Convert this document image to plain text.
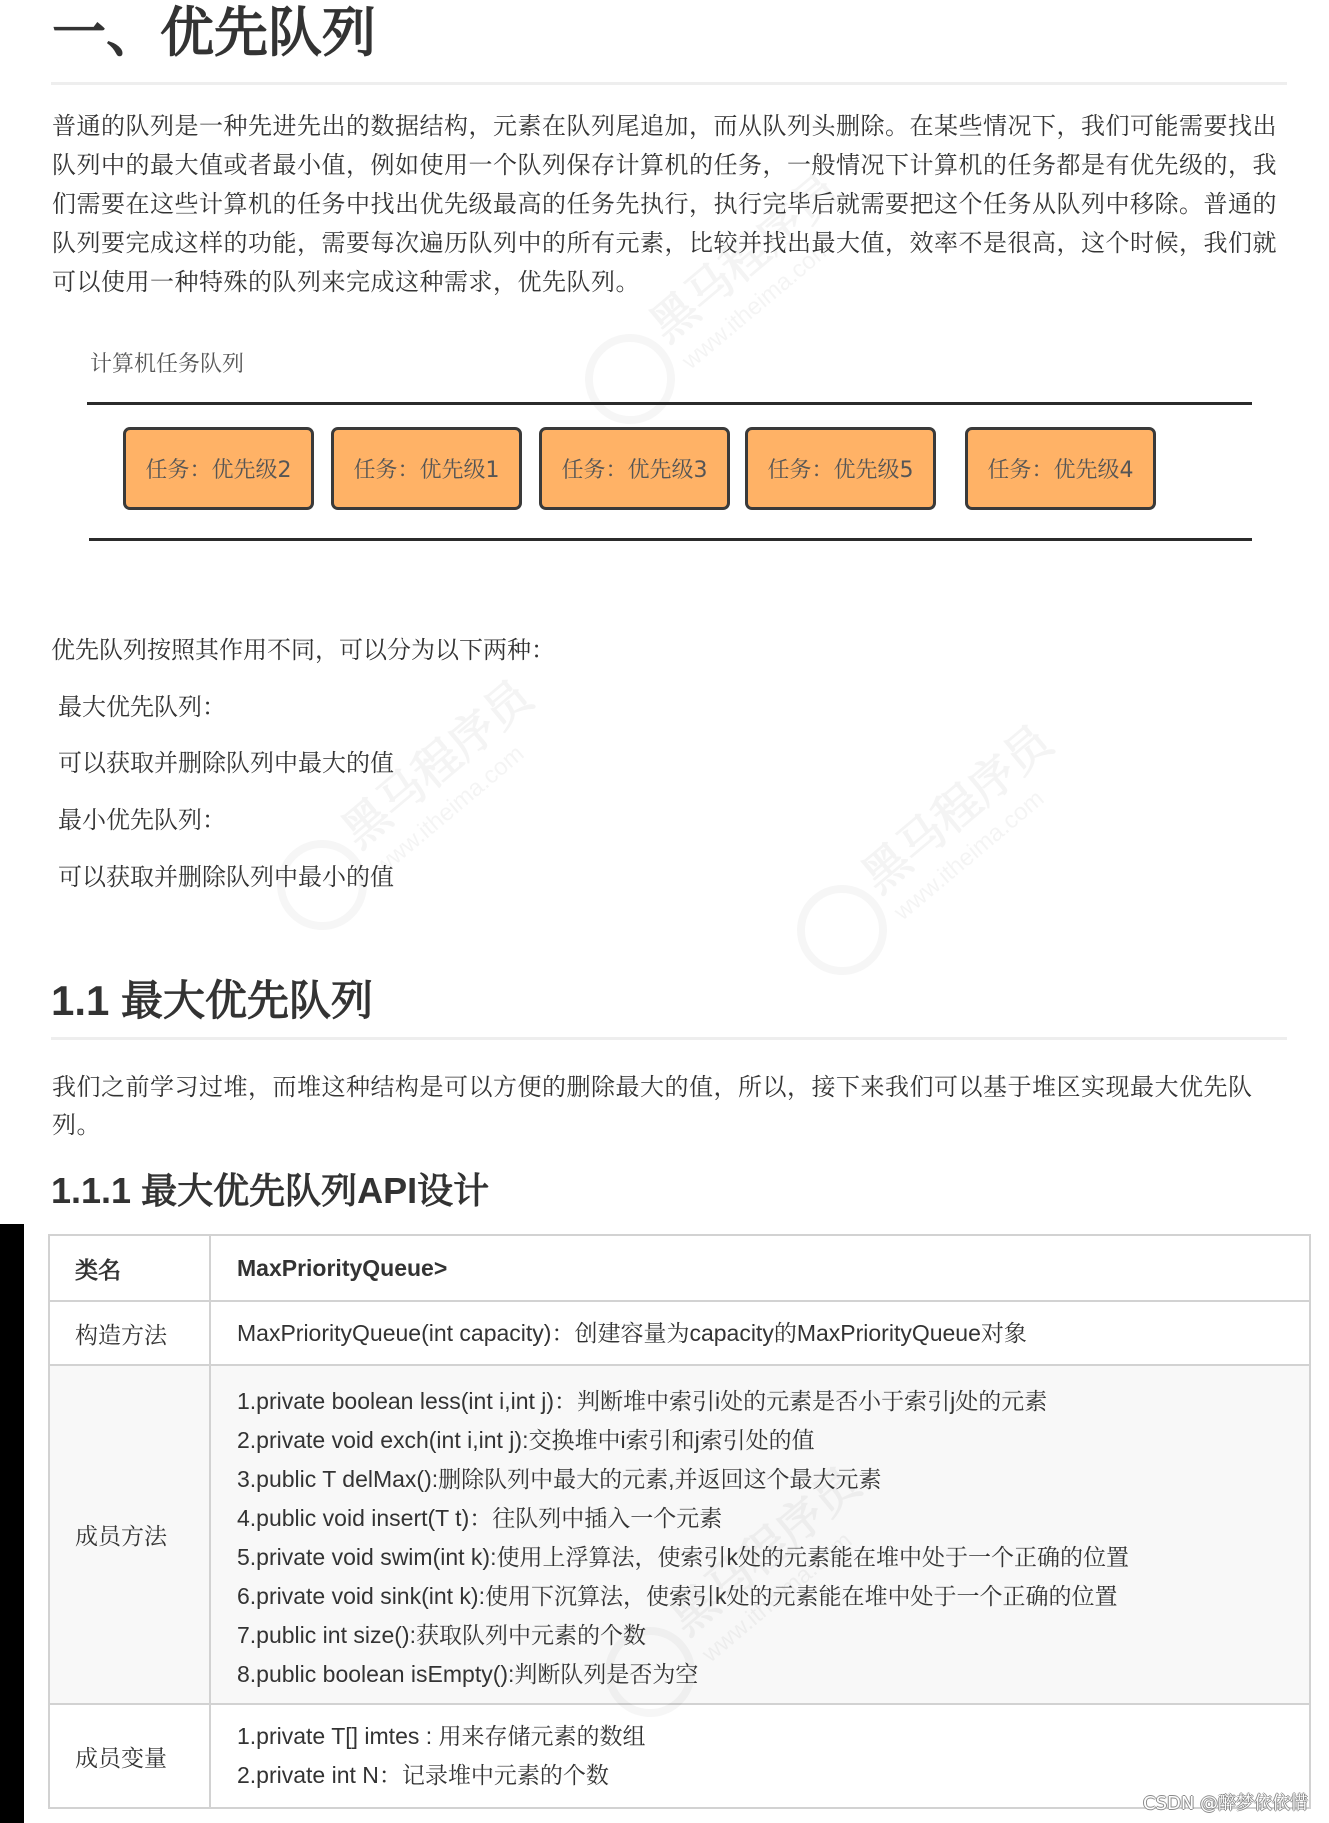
一、优先队列
普通的队列是一种先进先出的数据结构，元素在队列尾追加，而从队列头删除。在某些情况下，我们可能需要找出
队列中的最大值或者最小值，例如使用一个队列保存计算机的任务，一般情况下计算机的任务都是有优先级的，我
们需要在这些计算机的任务中找出优先级最高的任务先执行，执行完毕后就需要把这个任务从队列中移除。普通的
队列要完成这样的功能，需要每次遍历队列中的所有元素，比较并找出最大值，效率不是很高，这个时候，我们就
可以使用一种特殊的队列来完成这种需求，优先队列。
计算机任务队列
任务：优先级2	任务：优先级1	任务：优先级3	任务：优先级5	任务：优先级4
优先队列按照其作用不同，可以分为以下两种：
最大优先队列：
可以获取并删除队列中最大的值
最小优先队列：
可以获取并删除队列中最小的值
1.1 最大优先队列
我们之前学习过堆，而堆这种结构是可以方便的删除最大的值，所以，接下来我们可以基于堆区实现最大优先队
列。
1.1.1 最大优先队列API设计
类名	MaxPriorityQueue>

构造方法	MaxPriorityQueue(int capacity)：创建容量为capacity的MaxPriorityQueue对象

成员方法	
1.private boolean less(int i,int j)：判断堆中索引i处的元素是否小于索引j处的元素
2.private void exch(int i,int j):交换堆中i索引和j索引处的值
3.public T delMax():删除队列中最大的元素,并返回这个最大元素
4.public void insert(T t)：往队列中插入一个元素
5.private void swim(int k):使用上浮算法，使索引k处的元素能在堆中处于一个正确的位置
6.private void sink(int k):使用下沉算法，使索引k处的元素能在堆中处于一个正确的位置
7.public int size():获取队列中元素的个数
8.public boolean isEmpty():判断队列是否为空

成员变量	1.private T[] imtes : 用来存储元素的数组
2.private int N：记录堆中元素的个数
CSDN @醉梦依依惜
